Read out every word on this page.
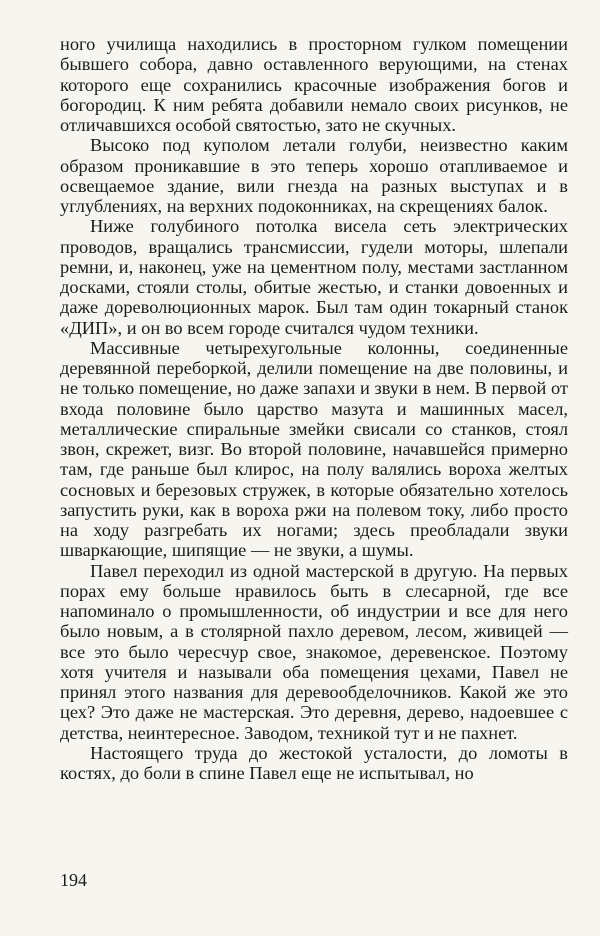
ного училища находились в просторном гулком помещении бывшего собора, давно оставленного верующими, на стенах которого еще сохранились красочные изображения богов и богородиц. К ним ребята добавили немало своих рисунков, не отличавшихся особой святостью, зато не скучных.

Высоко под куполом летали голуби, неизвестно каким образом проникавшие в это теперь хорошо отапливаемое и освещаемое здание, вили гнезда на разных выступах и в углублениях, на верхних подоконниках, на скрещениях балок.

Ниже голубиного потолка висела сеть электрических проводов, вращались трансмиссии, гудели моторы, шлепали ремни, и, наконец, уже на цементном полу, местами застланном досками, стояли столы, обитые жестью, и станки довоенных и даже дореволюционных марок. Был там один токарный станок «ДИП», и он во всем городе считался чудом техники.

Массивные четырехугольные колонны, соединенные деревянной переборкой, делили помещение на две половины, и не только помещение, но даже запахи и звуки в нем. В первой от входа половине было царство мазута и машинных масел, металлические спиральные змейки свисали со станков, стоял звон, скрежет, визг. Во второй половине, начавшейся примерно там, где раньше был клирос, на полу валялись вороха желтых сосновых и березовых стружек, в которые обязательно хотелось запустить руки, как в вороха ржи на полевом току, либо просто на ходу разгребать их ногами; здесь преобладали звуки шваркающие, шипящие — не звуки, а шумы.

Павел переходил из одной мастерской в другую. На первых порах ему больше нравилось быть в слесарной, где все напоминало о промышленности, об индустрии и все для него было новым, а в столярной пахло деревом, лесом, живицей — все это было чересчур свое, знакомое, деревенское. Поэтому хотя учителя и называли оба помещения цехами, Павел не принял этого названия для деревообделочников. Какой же это цех? Это даже не мастерская. Это деревня, дерево, надоевшее с детства, неинтересное. Заводом, техникой тут и не пахнет.

Настоящего труда до жестокой усталости, до ломоты в костях, до боли в спине Павел еще не испытывал, но

194
